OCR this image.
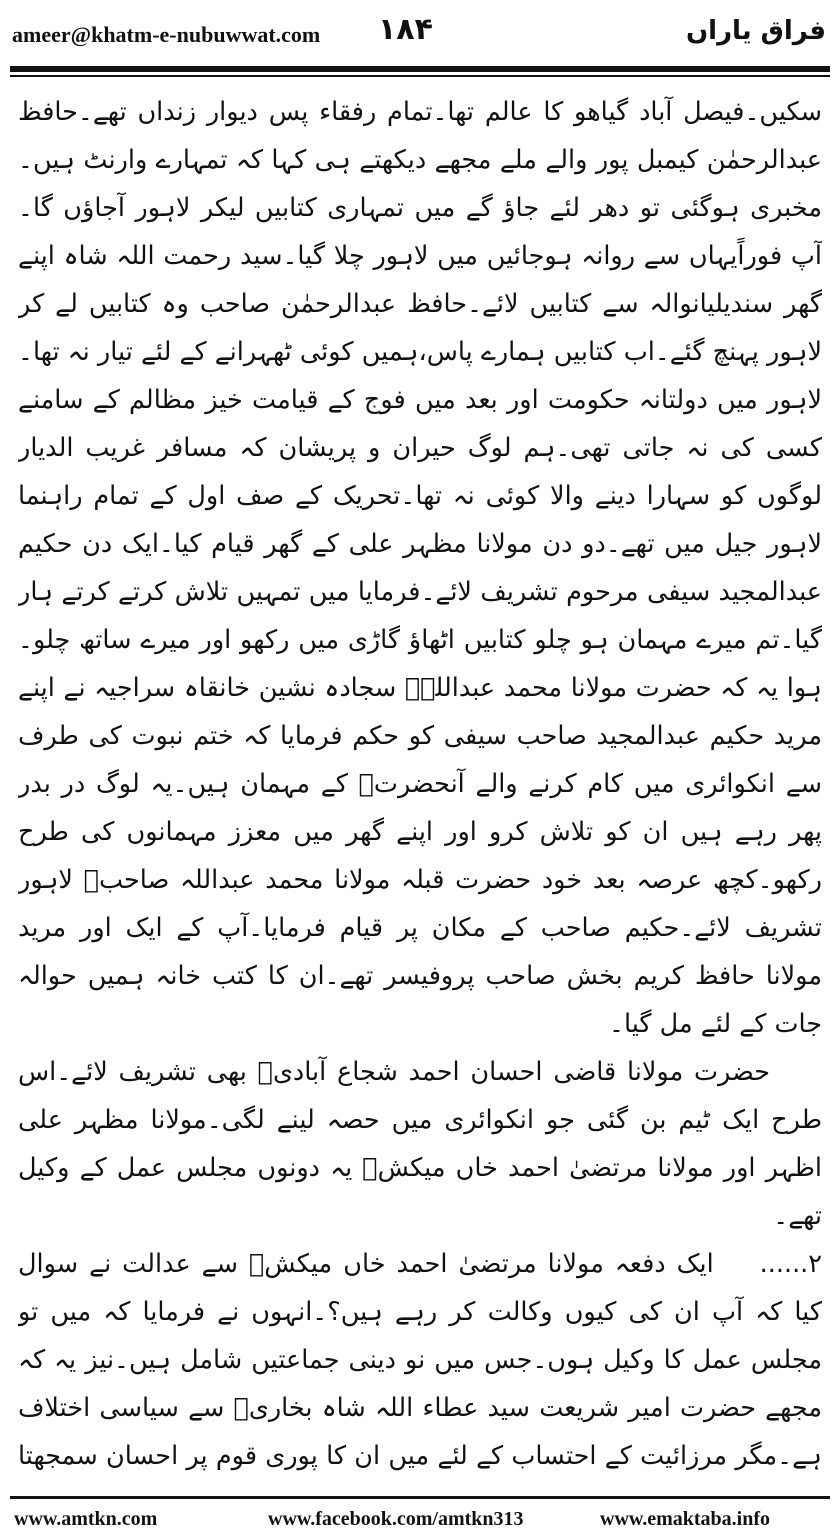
ameer@khatm-e-nubuwwat.com ۱۸۴	فراق یاراں

سکیں۔فیصل آباد گیاھو کا عالم تھا۔تمام رفقاء پس دیوار زنداں تھے۔حافظ عبدالرحمٰن کیمبل پور والے ملے مجھے دیکھتے ہی کہا کہ تمہارے وارنٹ ہیں۔مخبری ہوگئی تو دھر لئے جاؤ گے میں تمہاری کتابیں لیکر لاہور آجاؤں گا۔آپ فوراًیہاں سے روانہ ہوجائیں میں لاہور چلا گیا۔سید رحمت اللہ شاہ اپنے گھر سندیلیانوالہ سے کتابیں لائے۔حافظ عبدالرحمٰن صاحب وہ کتابیں لے کر لاہور پہنچ گئے۔اب کتابیں ہمارے پاس،ہمیں کوئی ٹھہرانے کے لئے تیار نہ تھا۔لاہور میں دولتانہ حکومت اور بعد میں فوج کے قیامت خیز مظالم کے سامنے کسی کی نہ جاتی تھی۔ہم لوگ حیران و پریشان کہ مسافر غریب الدیار لوگوں کو سہارا دینے والا کوئی نہ تھا۔تحریک کے صف اول کے تمام راہنما لاہور جیل میں تھے۔دو دن مولانا مظہر علی کے گھر قیام کیا۔ایک دن حکیم عبدالمجید سیفی مرحوم تشریف لائے۔فرمایا میں تمہیں تلاش کرتے کرتے ہار گیا۔تم میرے مہمان ہو چلو کتابیں اٹھاؤ گاڑی میں رکھو اور میرے ساتھ چلو۔ہوا یہ کہ حضرت مولانا محمد عبداللہؒ سجادہ نشین خانقاہ سراجیہ نے اپنے مرید حکیم عبدالمجید صاحب سیفی کو حکم فرمایا کہ ختم نبوت کی طرف سے انکوائری میں کام کرنے والے آنحضرتﷺ کے مہمان ہیں۔یہ لوگ در بدر پھر رہے ہیں ان کو تلاش کرو اور اپنے گھر میں معزز مہمانوں کی طرح رکھو۔کچھ عرصہ بعد خود حضرت قبلہ مولانا محمد عبداللہ صاحبؒ لاہور تشریف لائے۔حکیم صاحب کے مکان پر قیام فرمایا۔آپ کے ایک اور مرید مولانا حافظ کریم بخش صاحب پروفیسر تھے۔ان کا کتب خانہ ہمیں حوالہ جات کے لئے مل گیا۔

حضرت مولانا قاضی احسان احمد شجاع آبادیؒ بھی تشریف لائے۔اس طرح ایک ٹیم بن گئی جو انکوائری میں حصہ لینے لگی۔مولانا مظہر علی اظہر اور مولانا مرتضیٰ احمد خاں میکشؒ یہ دونوں مجلس عمل کے وکیل تھے۔

۲......ایک دفعہ مولانا مرتضیٰ احمد خاں میکشؒ سے عدالت نے سوال کیا کہ آپ ان کی کیوں وکالت کر رہے ہیں؟۔انہوں نے فرمایا کہ میں تو مجلس عمل کا وکیل ہوں۔جس میں نو دینی جماعتیں شامل ہیں۔نیز یہ کہ مجھے حضرت امیر شریعت سید عطاء اللہ شاہ بخاریؒ سے سیاسی اختلاف ہے۔مگر مرزائیت کے احتساب کے لئے میں ان کا پوری قوم پر احسان سمجھتا

www.amtkn.com	www.facebook.com/amtkn313	www.emaktaba.info
